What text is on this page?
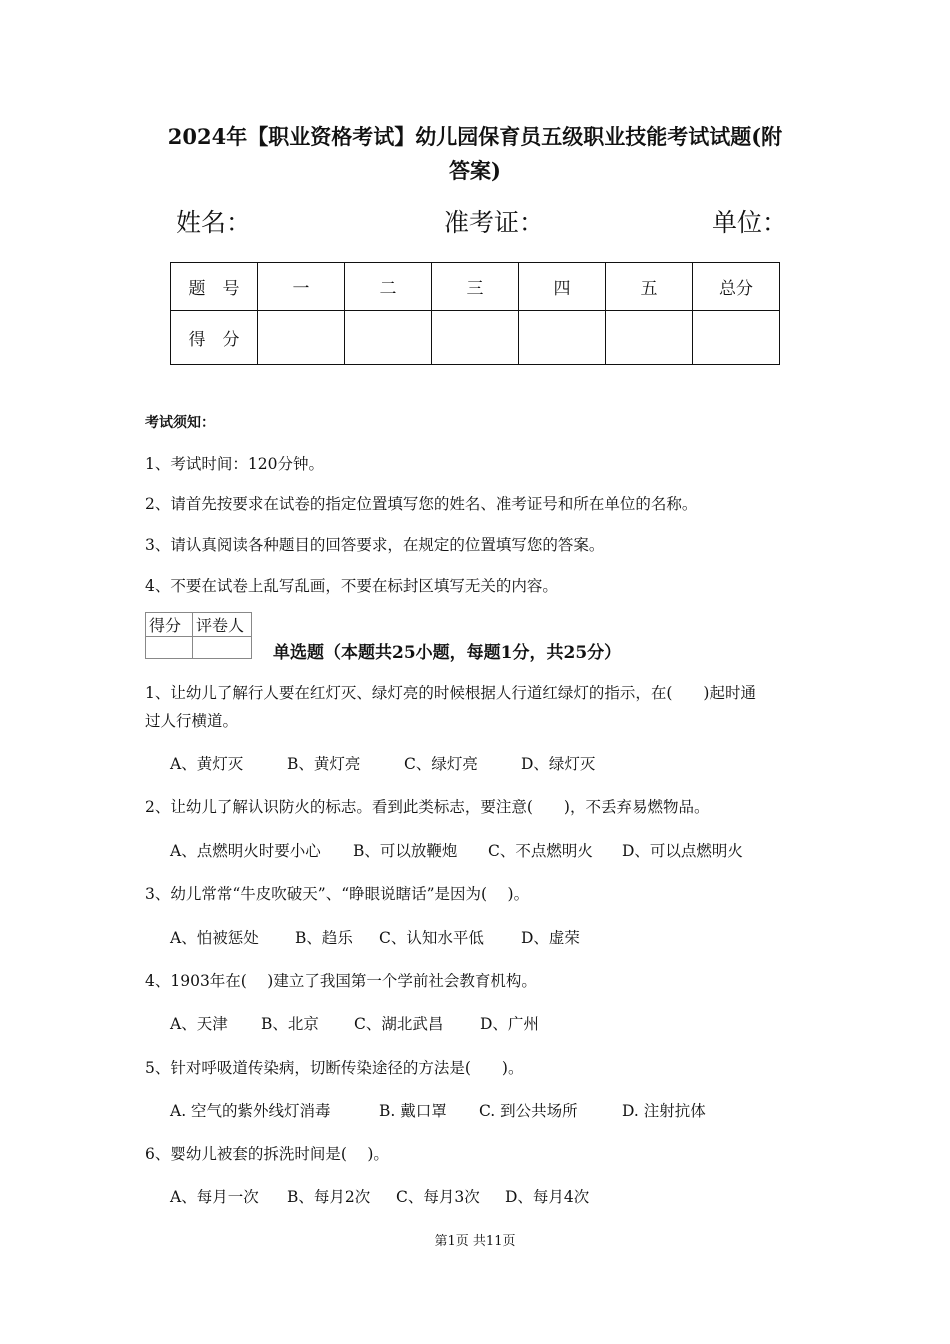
2024年【职业资格考试】幼儿园保育员五级职业技能考试试题(附
答案)
姓名：	准考证：	单位：
题　号	一	二	三	四	五	总分
得　分						
考试须知：
1、考试时间：120分钟。
2、请首先按要求在试卷的指定位置填写您的姓名、准考证号和所在单位的名称。
3、请认真阅读各种题目的回答要求，在规定的位置填写您的答案。
4、不要在试卷上乱写乱画，不要在标封区填写无关的内容。
得分	评卷人

单选题（本题共25小题，每题1分，共25分）
1、让幼儿了解行人要在红灯灭、绿灯亮的时候根据人行道红绿灯的指示，在(　　)起时通
过人行横道。
A、黄灯灭	B、黄灯亮	C、绿灯亮	D、绿灯灭
2、让幼儿了解认识防火的标志。看到此类标志，要注意(　　)，不丢弃易燃物品。
A、点燃明火时要小心 B、可以放鞭炮 C、不点燃明火 D、可以点燃明火
3、幼儿常常“牛皮吹破天”、“睁眼说瞎话”是因为(　 )。
A、怕被惩处 B、趋乐 C、认知水平低 D、虚荣
4、1903年在(　 )建立了我国第一个学前社会教育机构。
A、天津 B、北京 C、湖北武昌 D、广州
5、针对呼吸道传染病，切断传染途径的方法是(　　)。
A. 空气的紫外线灯消毒	B. 戴口罩 C. 到公共场所	D. 注射抗体
6、婴幼儿被套的拆洗时间是(　 )。
A、每月一次 B、每月2次 C、每月3次 D、每月4次
第1页 共11页
